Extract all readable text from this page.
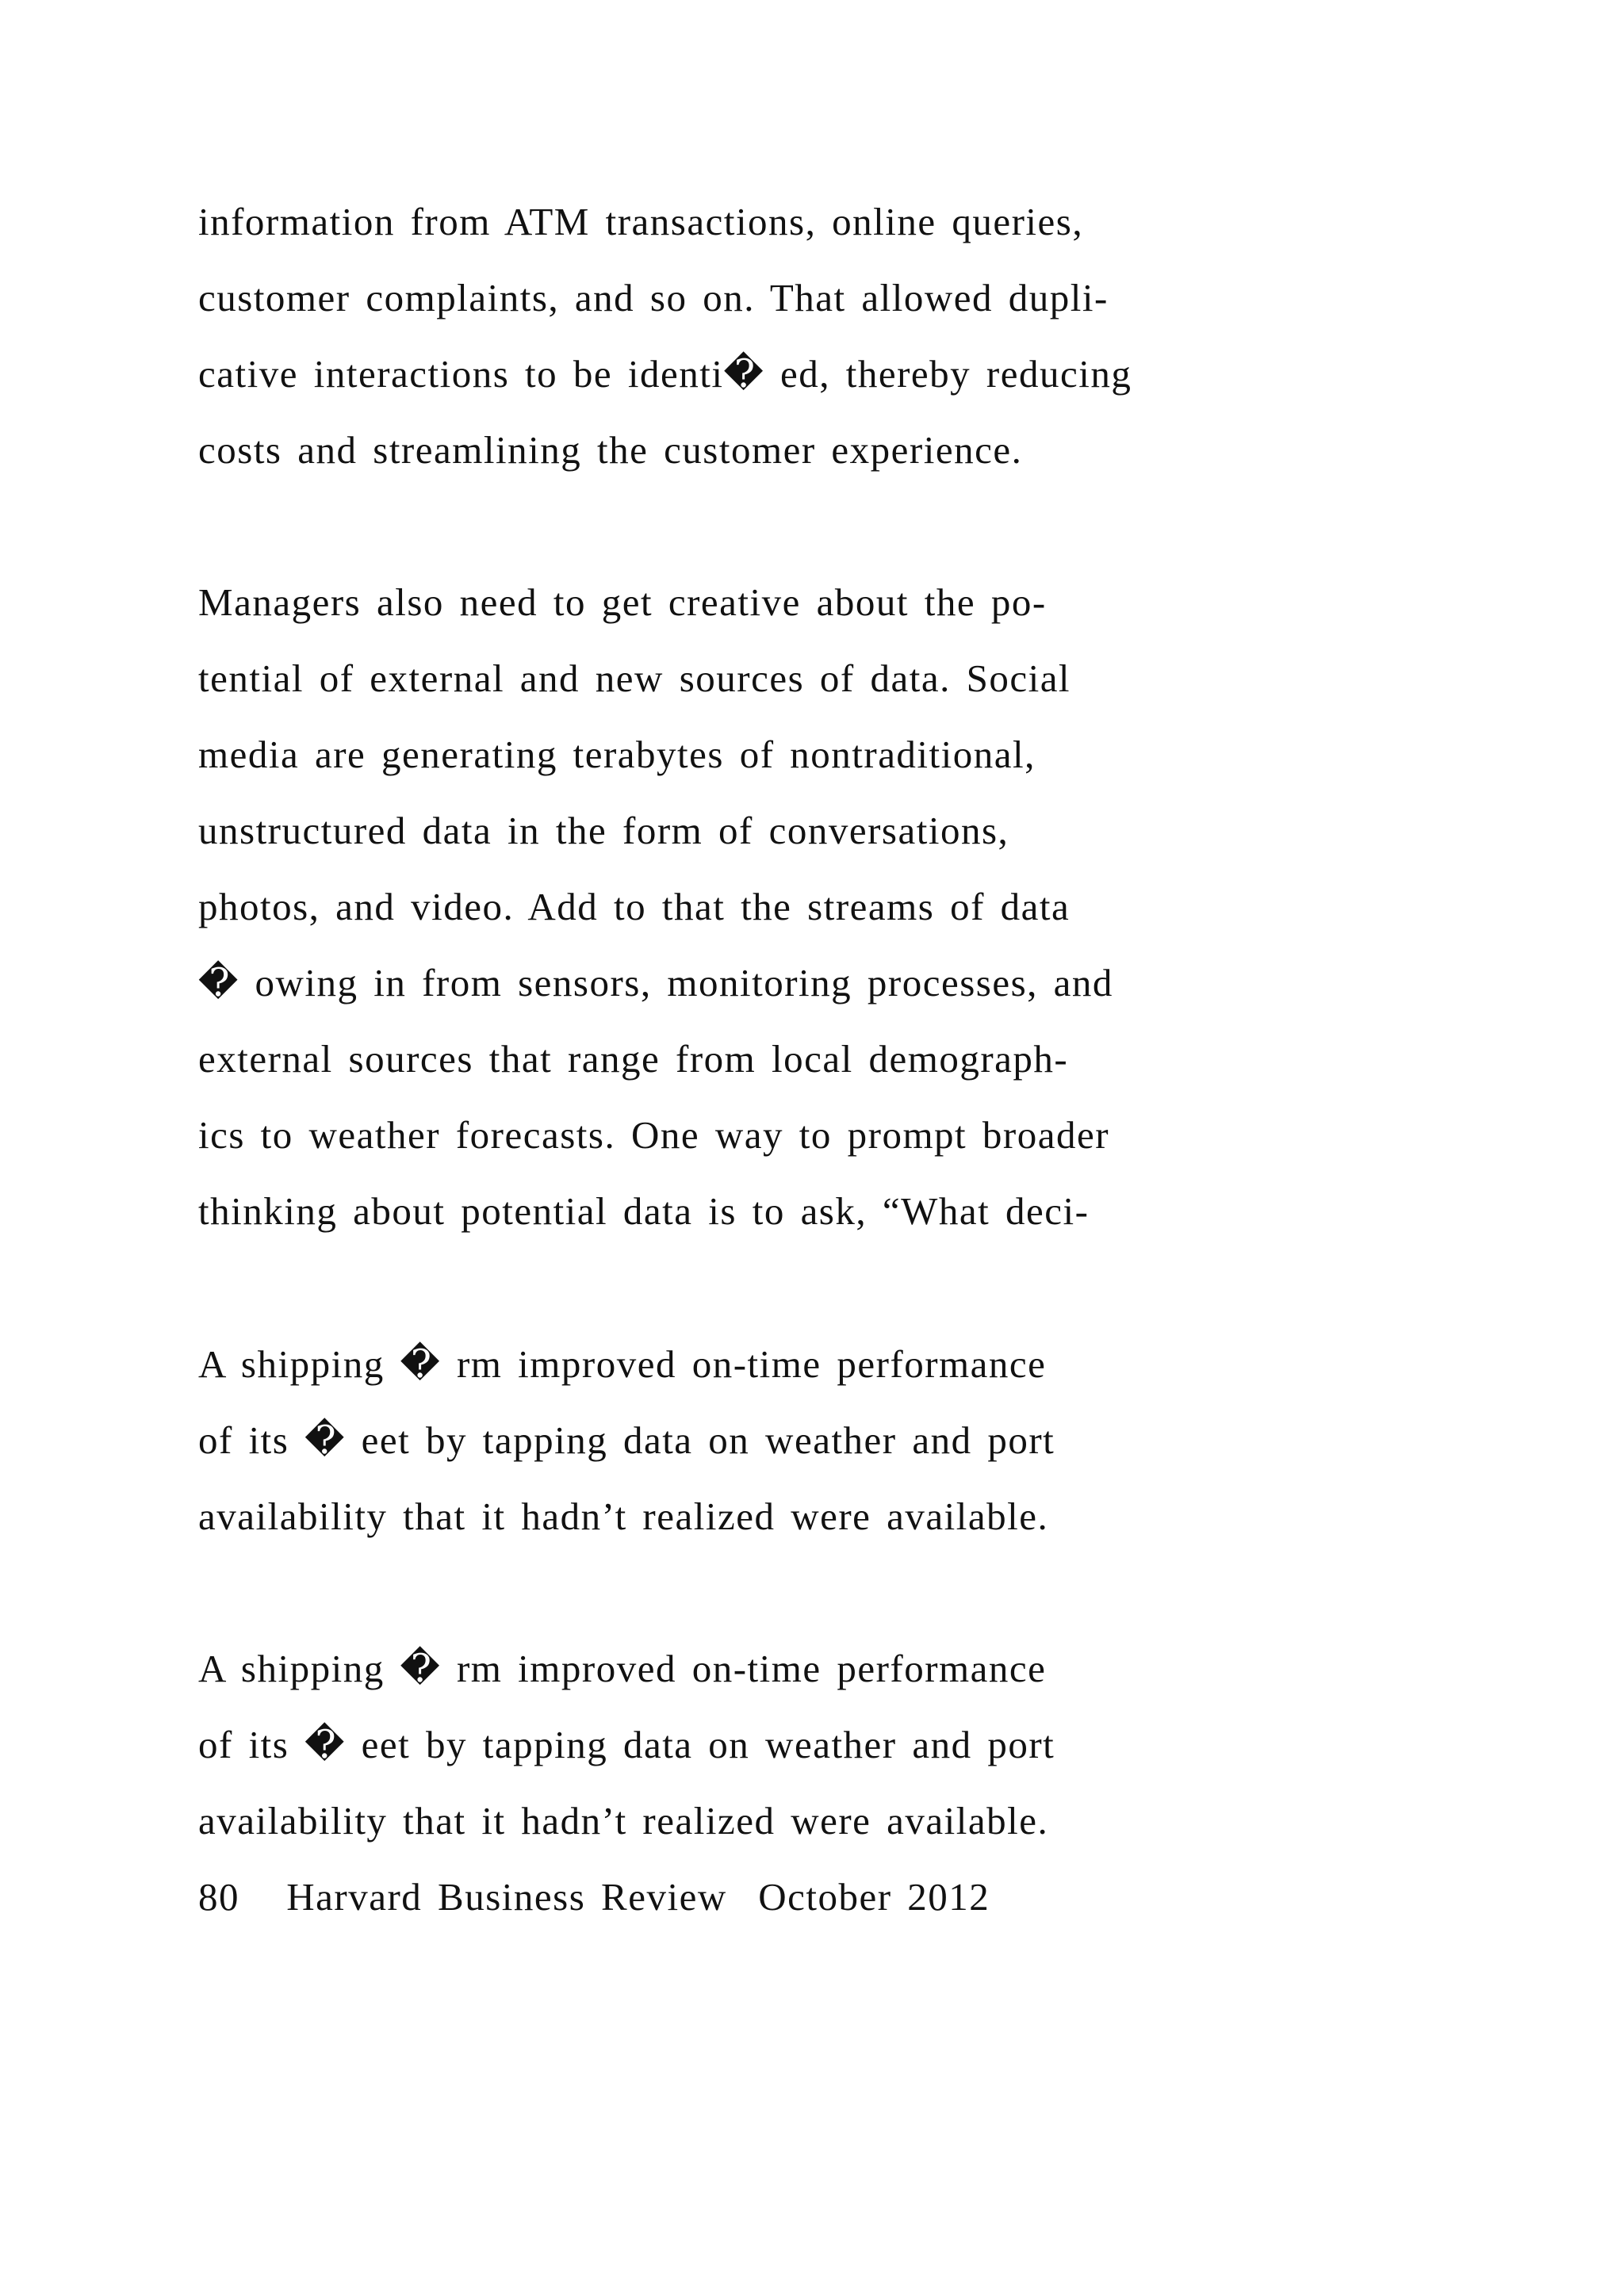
information from ATM transactions, online queries,
customer complaints, and so on. That allowed dupli-
cative interactions to be identi� ed, thereby reducing
costs and streamlining the customer experience.
Managers also need to get creative about the po-
tential of external and new sources of data. Social
media are generating terabytes of nontraditional,
unstructured data in the form of conversations,
photos, and video. Add to that the streams of data
� owing in from sensors, monitoring processes, and
external sources that range from local demograph-
ics to weather forecasts. One way to prompt broader
thinking about potential data is to ask, “What deci-
A shipping � rm improved on-time performance
of its � eet by tapping data on weather and port
availability that it hadn’t realized were available.
A shipping � rm improved on-time performance
of its � eet by tapping data on weather and port
availability that it hadn’t realized were available.
80 Harvard Business Review October 2012
